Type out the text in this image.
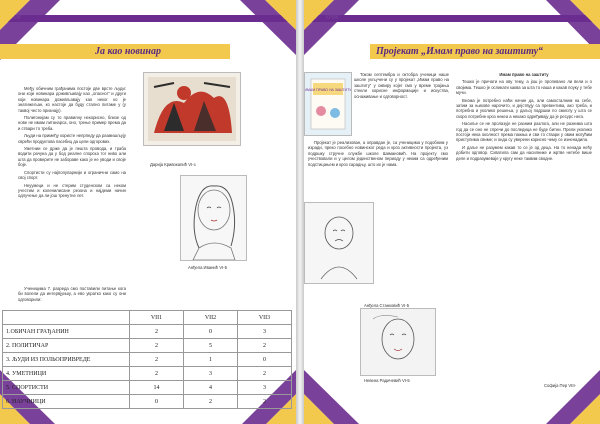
Ја као новинар

Међу обичним грађанима постоје две врсте људи: они који новинара доживљавају као „опасног“ и други који новинара доживљавају као неког ко је знатижељан, ко настоје да буду стално питаме у (у таквој често признају).

Полигонијам су то правилну некорисно, близе од нове не имам литанарса, оно, трење пример према да и ствари то треба.

Људи на примеђу користе непрпеду да размишљују сврећи продуктова пасебиц да цели одгорових.

Уметнии се држе да је пешта провода, и траба водити рачуна да у бод реалне спорска тог ниво али шта да проверите не забораве како је не уводи и своје боје.

Спортисти су најпопуларнији и огранични само на свој спорт.

Неуумеци и не стерим студенском са неком учестим и коленилисане резона и најдеми начин одлучење да ли још тренутне лет.

Ученицима 7. разреда смо поставили питање кога би волели да интервјуишу, а ево укратко како су они одговорили:

Дарија Кривокапић VI-з
Анђела Иванић VI-5
	VII1	VII2	VII3
1.ОБИЧАН ГРАЂАНИН	2	0	3
2. ПОЛИТИЧАР	2	5	2
3. ЉУДИ ИЗ ПОЛЬОПРИВРЕДЕ	2	1	0
4. УМЕТНИЦИ	2	3	2
5. СПОРТИСТИ	14	4	3
6. НАУЧНИЦИ	0	2	2
Пројекат „Имам право на заштиту“
ИМАМ ПРАВО НА ЗАШТИТУ

Током септембра и октобра ученици наше школе укључени су у пројекат „Имам право на заштиту“ у оквиру којег смо у време трајања стекли корисне информације и искуства, оснаживање и одговорност.

Пројекат је реализован, а оправдан је, са ученицима у подобним у изради, преко посебно новинског реда и кроз активности пројекта, уз подршку стручне службе школе Шимановић. На пројекту смо учествовали и у целом јединственом периоду у неким са одређеним подстицањем и кроз сарадњу, што их је нама.

Анђела Станковић VI-5
Невена Радичевић VI-5

Имам право на заштиту

Тешко је причати на ову тему, а још је пропевано ли вели и о својима. Тешко је осликати каква за шта то наша и какав поуку у тебе мучи.

Веома је потребно наћи начин да, али самосталним на себе, затим за њихове нарочито, и дејствују са превентива, ако треба, и потребна и уколико решења, у даљој подршки по смислу у шта се скоро потребне кроз некеа а некако одређивају да је ресурс нега.

Насиље се не пролазује не разним разлога, али не разнима шта год да се оно не спречи до последица не буде битни. Прели уколико постоји нека околност према пажња и сви то ствари у овим могућим приступима свиме; и онда су уверени корисно чему се изненадила.

И даље не разумем какав то се је од деца. На то ненада нећу добити одговор. Схватила сам да насилнике и жртве нетебе више деле и подразумеваје у кругу неке таквим сводне.

Софија Пер VIII-
